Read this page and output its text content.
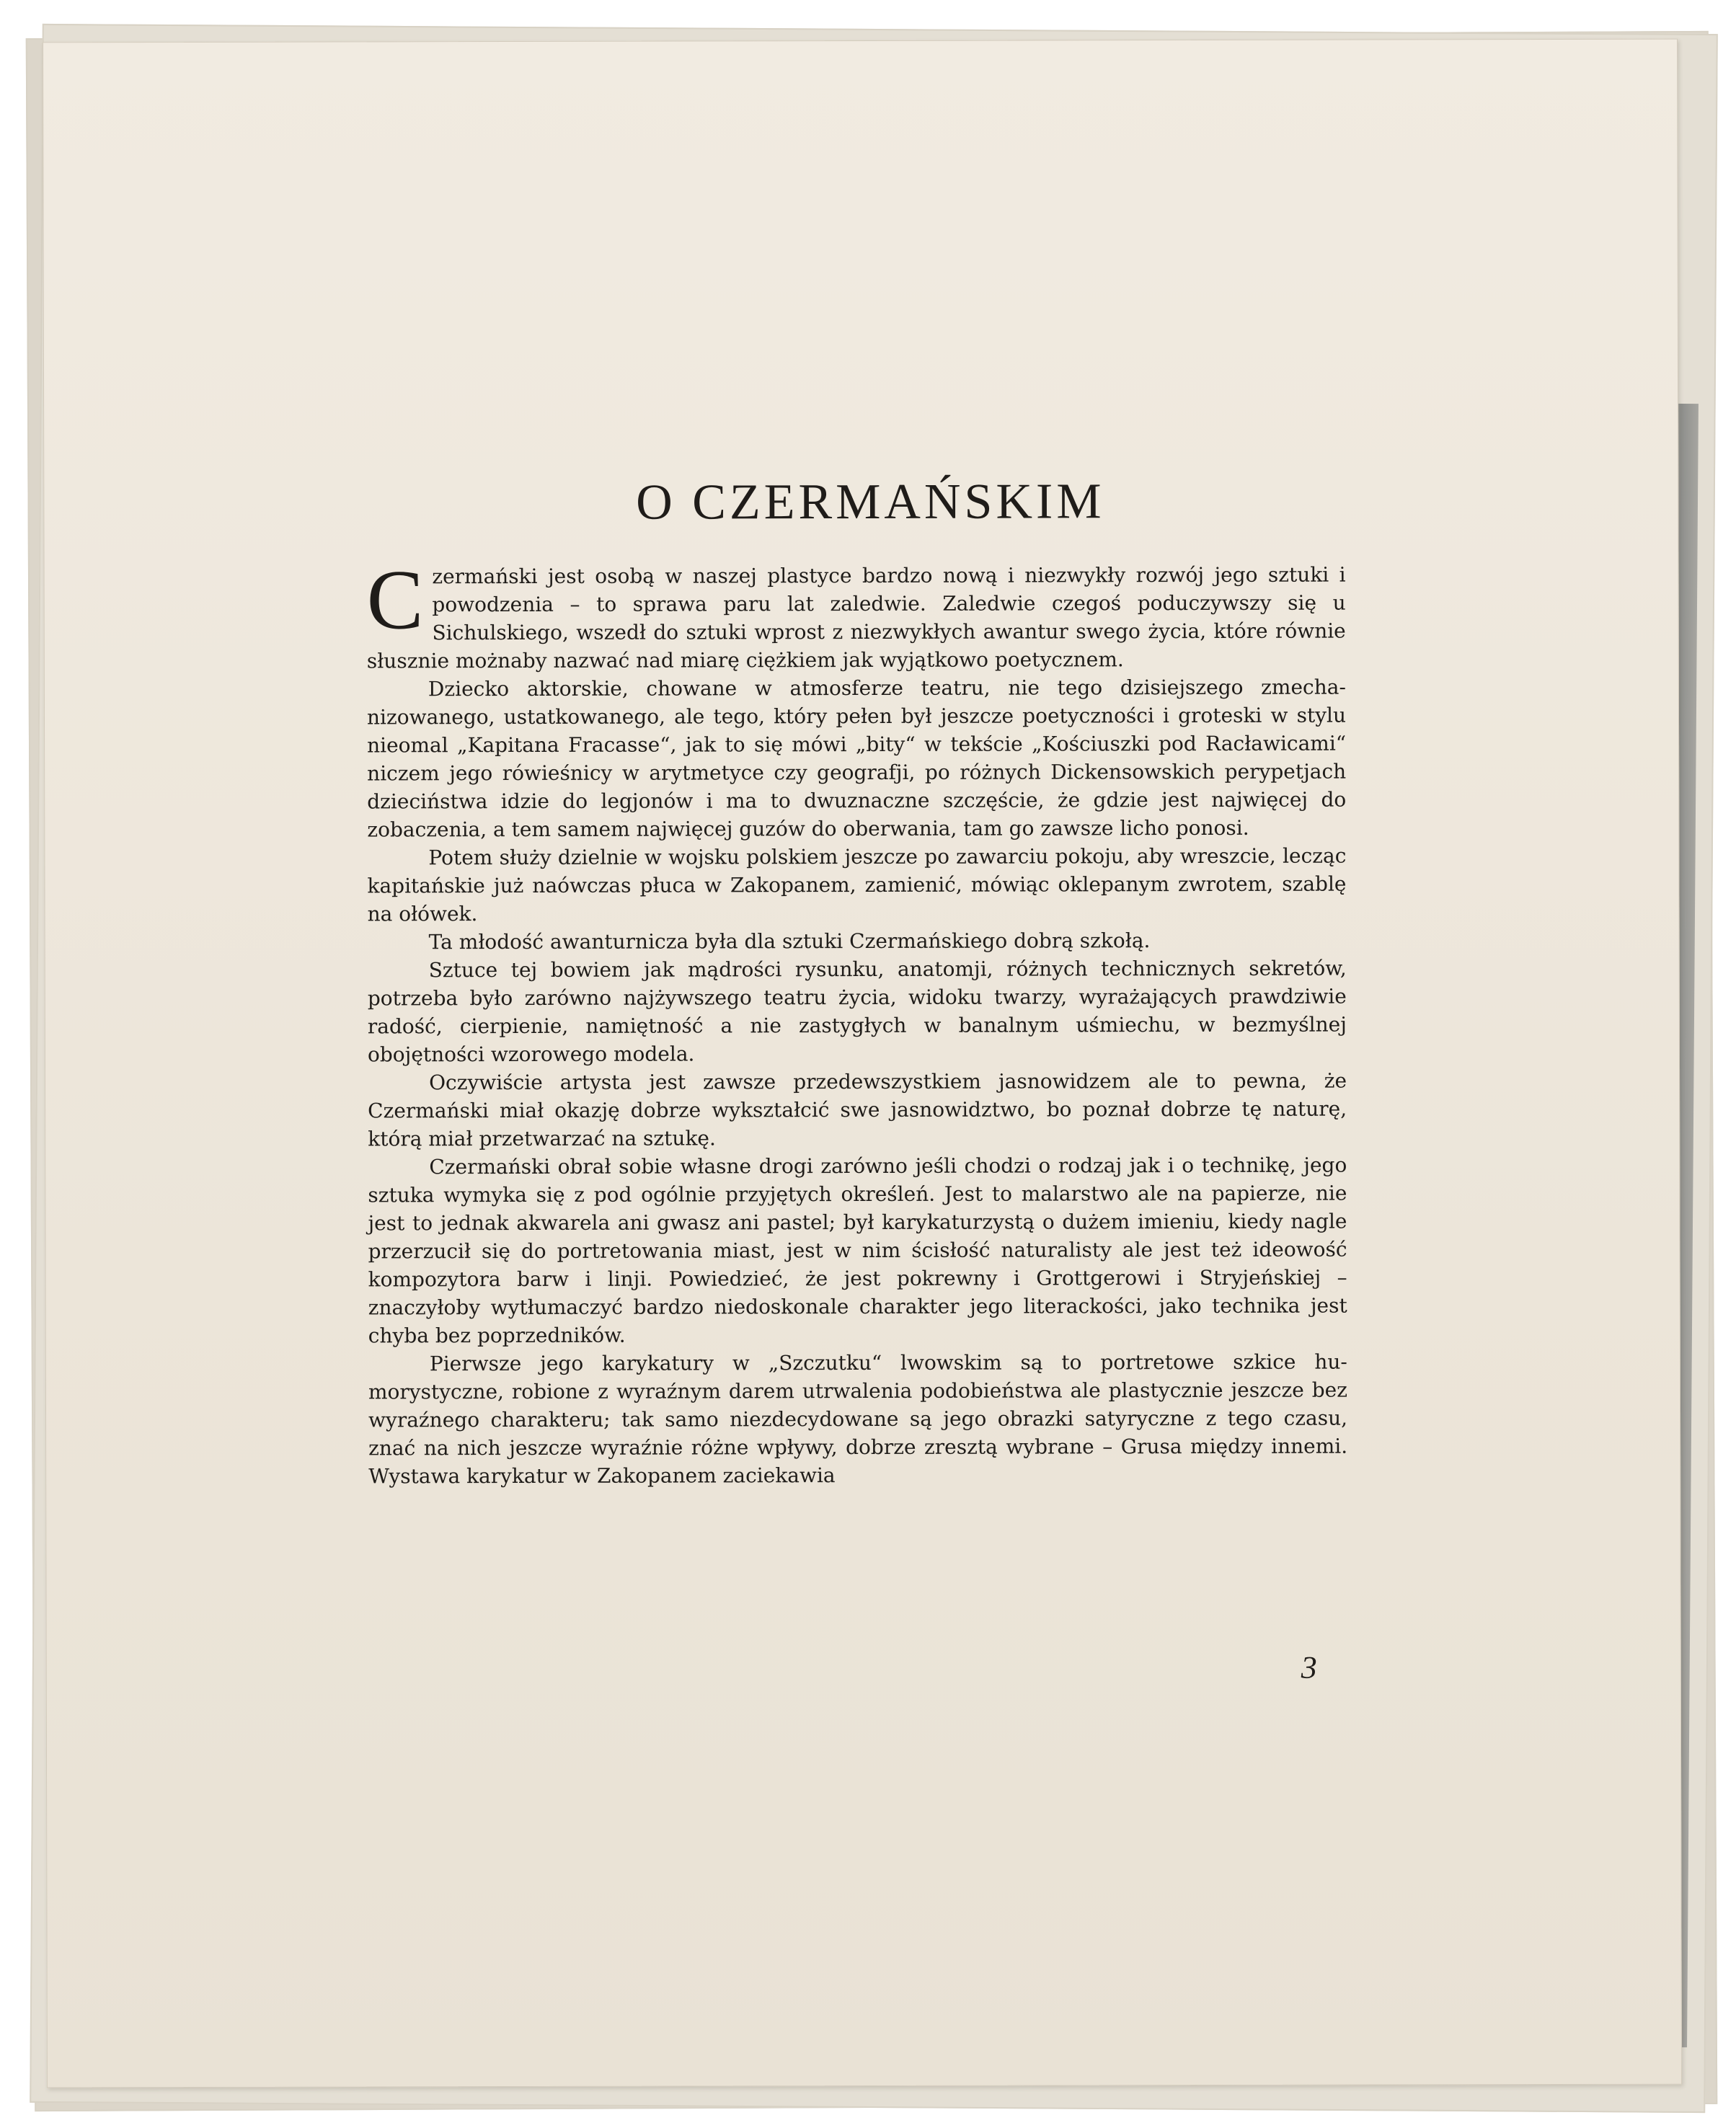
O CZERMAŃSKIM

Czermański jest osobą w naszej plastyce bardzo nową i niezwykły rozwój jego sztuki i powodzenia – to sprawa paru lat zaledwie. Zaledwie czegoś poduczywszy się u Sichulskiego, wszedł do sztuki wprost z niezwykłych awantur swego życia, które równie słusznie możnaby nazwać nad miarę ciężkiem jak wyjątkowo poetycznem.

Dziecko aktorskie, chowane w atmosferze teatru, nie tego dzisiejszego zmechanizowanego, ustatkowanego, ale tego, który pełen był jeszcze poetyczności i groteski w stylu nieomal „Kapitana Fracasse“, jak to się mówi „bity“ w tekście „Kościuszki pod Racławicami“ niczem jego rówieśnicy w arytmetyce czy geografji, po różnych Dickensowskich perypetjach dzieciństwa idzie do legjonów i ma to dwuznaczne szczęście, że gdzie jest najwięcej do zobaczenia, a tem samem najwięcej guzów do oberwania, tam go zawsze licho ponosi.

Potem służy dzielnie w wojsku polskiem jeszcze po zawarciu pokoju, aby wreszcie, lecząc kapitańskie już naówczas płuca w Zakopanem, zamienić, mówiąc oklepanym zwrotem, szablę na ołówek.

Ta młodość awanturnicza była dla sztuki Czermańskiego dobrą szkołą.

Sztuce tej bowiem jak mądrości rysunku, anatomji, różnych technicznych sekretów, potrzeba było zarówno najżywszego teatru życia, widoku twarzy, wyrażających prawdziwie radość, cierpienie, namiętność a nie zastygłych w banalnym uśmiechu, w bezmyślnej obojętności wzorowego modela.

Oczywiście artysta jest zawsze przedewszystkiem jasnowidzem ale to pewna, że Czermański miał okazję dobrze wykształcić swe jasnowidztwo, bo poznał dobrze tę naturę, którą miał przetwarzać na sztukę.

Czermański obrał sobie własne drogi zarówno jeśli chodzi o rodzaj jak i o technikę, jego sztuka wymyka się z pod ogólnie przyjętych określeń. Jest to malarstwo ale na papierze, nie jest to jednak akwarela ani gwasz ani pastel; był karykaturzystą o dużem imieniu, kiedy nagle przerzucił się do portretowania miast, jest w nim ścisłość naturalisty ale jest też ideowość kompozytora barw i linji. Powiedzieć, że jest pokrewny i Grottgerowi i Stryjeńskiej – znaczyłoby wytłumaczyć bardzo niedoskonale charakter jego literackości, jako technika jest chyba bez poprzedników.

Pierwsze jego karykatury w „Szczutku“ lwowskim są to portretowe szkice humorystyczne, robione z wyraźnym darem utrwalenia podobieństwa ale plastycznie jeszcze bez wyraźnego charakteru; tak samo niezdecydowane są jego obrazki satyryczne z tego czasu, znać na nich jeszcze wyraźnie różne wpływy, dobrze zresztą wybrane – Grusa między innemi. Wystawa karykatur w Zakopanem zaciekawia

3
